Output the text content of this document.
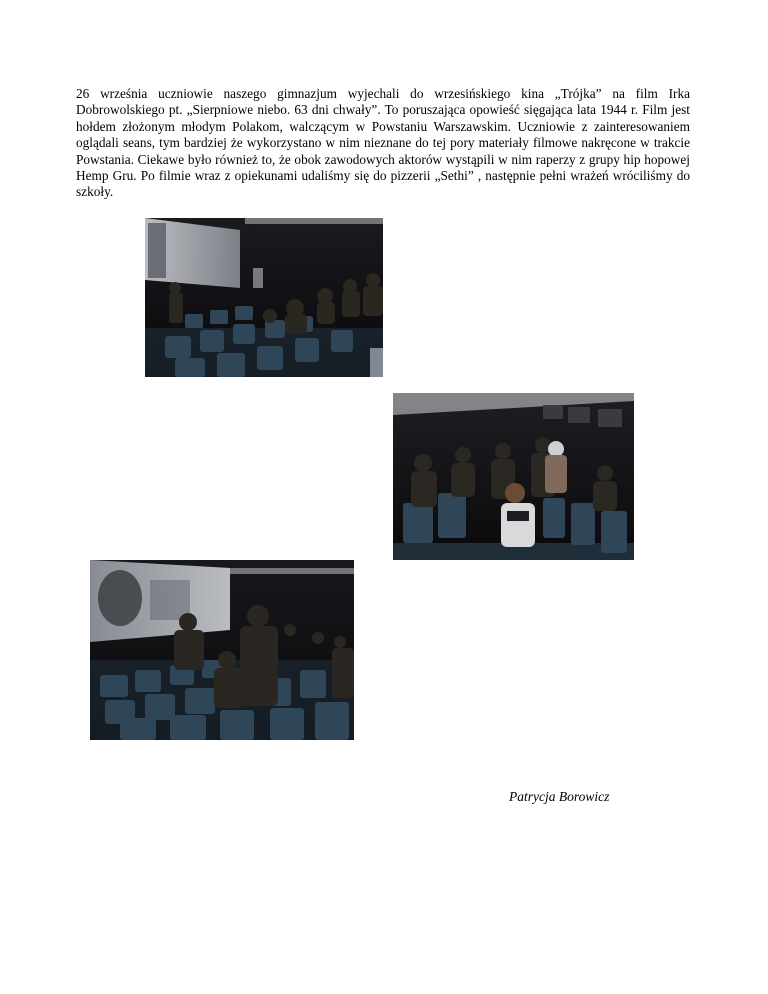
26 września uczniowie naszego gimnazjum wyjechali do wrzesińskiego kina „Trójka” na film Irka Dobrowolskiego pt. „Sierpniowe niebo. 63 dni chwały”. To poruszająca opowieść sięgająca lata 1944 r. Film jest hołdem złożonym młodym Polakom, walczącym w Powstaniu Warszawskim. Uczniowie z zainteresowaniem oglądali seans, tym bardziej że wykorzystano w nim nieznane do tej pory materiały filmowe nakręcone w trakcie Powstania. Ciekawe było również to, że obok zawodowych aktorów wystąpili w nim raperzy z grupy hip hopowej Hemp Gru. Po filmie wraz z opiekunami udaliśmy się do pizzerii „Sethi” , następnie pełni wrażeń wróciliśmy do szkoły.

Patrycja Borowicz
